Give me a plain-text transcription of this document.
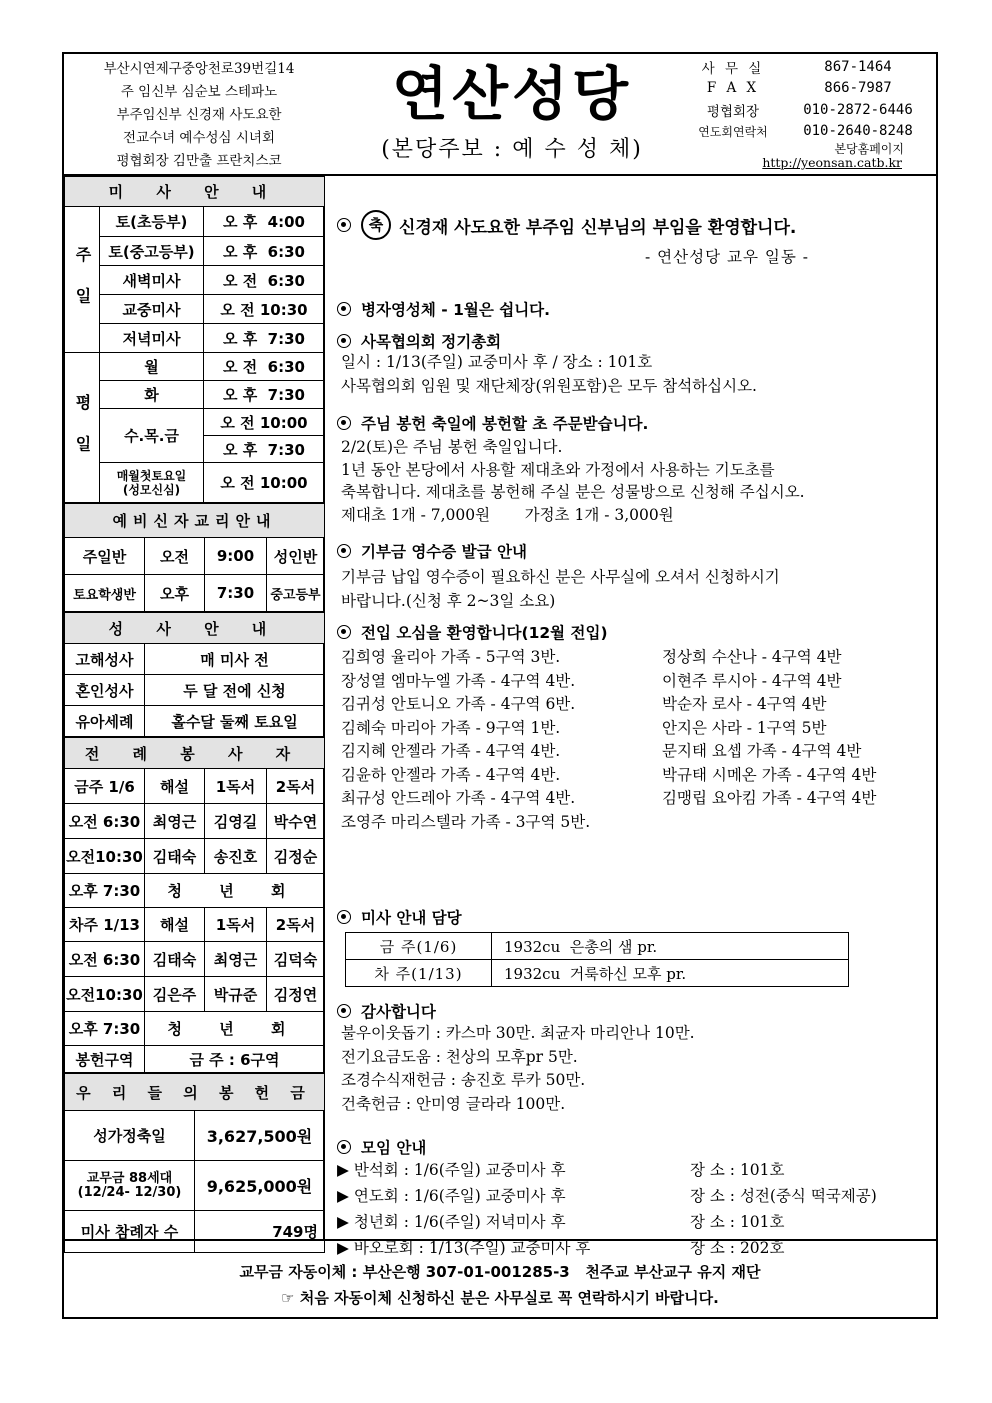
부산시연제구중앙천로39번길14
주 임신부 심순보 스테파노
부주임신부 신경재 사도요한
전교수녀 예수성심 시녀회
평협회장 김만출 프란치스코
연산성당
(본당주보 : 예 수 성 체)
사 무 실	867-1464
F A X	866-7987
평협회장	010-2872-6446
연도회연락처	010-2640-8248
본당홈페이지
http://yeonsan.catb.kr
미 사 안 내		
주 일	토(초등부)	오 후  4:00
	토(중고등부)	오 후  6:30
	새벽미사	오 전  6:30
	교중미사	오 전 10:30
	저녁미사	오 후  7:30
평 일	월	오 전  6:30
	화	오 후  7:30
	수.목.금	오 전 10:00
		오 후  7:30

	매월첫토요일
(성모신심)	오 전 10:00
예비신자교리안내			
주일반	오전	9:00	성인반
토요학생반	오후	7:30	중고등부
성 사 안 내	
고해성사	매 미사 전
혼인성사	두 달 전에 신청
유아세례	홀수달 둘째 토요일
전 례 봉 사 자			
금주 1/6	해설	1독서	2독서
오전 6:30	최영근	김영길	박수연
오전10:30	김태숙	송진호	김정순
오후 7:30	청 년 회		
차주 1/13	해설	1독서	2독서
오전 6:30	김태숙	최영근	김덕숙
오전10:30	김은주	박규준	김정연
오후 7:30	청 년 회		
봉헌구역	금 주 : 6구역		
우 리 들 의 봉 헌 금	
성가정축일	3,627,500원

교무금 88세대
(12/24- 12/30)	9,625,000원
미사 참례자 수	749명
축 신경재 사도요한 부주임 신부님의 부임을 환영합니다.
- 연산성당 교우 일동 -
병자영성체 - 1월은 쉽니다.
사목협의회 정기총회
일시 : 1/13(주일) 교중미사 후 / 장소 : 101호
사목협의회 임원 및 재단체장(위원포함)은 모두 참석하십시오.
주님 봉헌 축일에 봉헌할 초 주문받습니다.
2/2(토)은 주님 봉헌 축일입니다.
1년 동안 본당에서 사용할 제대초와 가정에서 사용하는 기도초를
축복합니다. 제대초를 봉헌해 주실 분은 성물방으로 신청해 주십시오.
제대초 1개 - 7,000원       가정초 1개 - 3,000원
기부금 영수증 발급 안내
기부금 납입 영수증이 필요하신 분은 사무실에 오셔서 신청하시기
바랍니다.(신청 후 2~3일 소요)
전입 오심을 환영합니다(12월 전입)
김희영 율리아 가족 - 5구역 3반.
장성열 엠마누엘 가족 - 4구역 4반.
김귀성 안토니오 가족 - 4구역 6반.
김혜숙 마리아 가족 - 9구역 1반.
김지혜 안젤라 가족 - 4구역 4반.
김윤하 안젤라 가족 - 4구역 4반.
최규성 안드레아 가족 - 4구역 4반.
조영주 마리스텔라 가족 - 3구역 5반.
정상희 수산나 - 4구역 4반
이현주 루시아 - 4구역 4반
박순자 로사 - 4구역 4반
안지은 사라 - 1구역 5반
문지태 요셉 가족 - 4구역 4반
박규태 시메온 가족 - 4구역 4반
김맹립 요아킴 가족 - 4구역 4반
미사 안내 담당
금 주(1/6)	1932cu  은총의 샘 pr.
차 주(1/13)	1932cu  거룩하신 모후 pr.
감사합니다
불우이웃돕기 : 카스마 30만. 최균자 마리안나 10만.
전기요금도움 : 천상의 모후pr 5만.
조경수식재헌금 : 송진호 루카 50만.
건축헌금 : 안미영 글라라 100만.
모임 안내
▶ 반석회 : 1/6(주일) 교중미사 후	장 소 : 101호
▶ 연도회 : 1/6(주일) 교중미사 후	장 소 : 성전(중식 떡국제공)
▶ 청년회 : 1/6(주일) 저녁미사 후	장 소 : 101호
▶ 바오로회 : 1/13(주일) 교중미사 후	장 소 : 202호
교무금 자동이체 : 부산은행 307-01-001285-3   천주교 부산교구 유지 재단
☞ 처음 자동이체 신청하신 분은 사무실로 꼭 연락하시기 바랍니다.
